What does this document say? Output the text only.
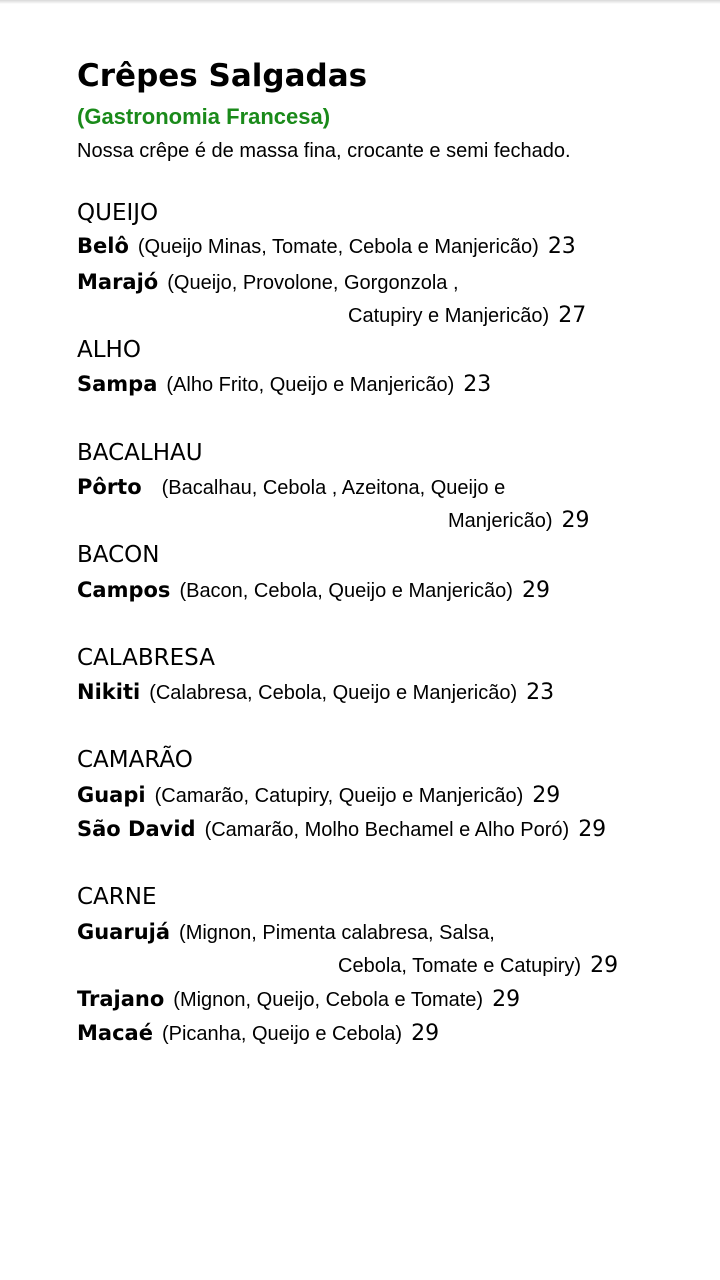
Crêpes Salgadas
(Gastronomia Francesa)
Nossa crêpe é de massa fina, crocante e semi fechado.
QUEIJO
Belô (Queijo Minas, Tomate, Cebola e Manjericão) 23
Marajó (Queijo, Provolone, Gorgonzola ,
Catupiry e Manjericão) 27
ALHO
Sampa (Alho Frito, Queijo e Manjericão) 23
BACALHAU
Pôrto (Bacalhau, Cebola , Azeitona, Queijo e
Manjericão) 29
BACON
Campos (Bacon, Cebola, Queijo e Manjericão) 29
CALABRESA
Nikiti (Calabresa, Cebola, Queijo e Manjericão) 23
CAMARÃO
Guapi (Camarão, Catupiry, Queijo e Manjericão) 29
São David (Camarão, Molho Bechamel e Alho Poró) 29
CARNE
Guarujá (Mignon, Pimenta calabresa, Salsa,
Cebola, Tomate e Catupiry) 29
Trajano (Mignon, Queijo, Cebola e Tomate) 29
Macaé (Picanha, Queijo e Cebola) 29
